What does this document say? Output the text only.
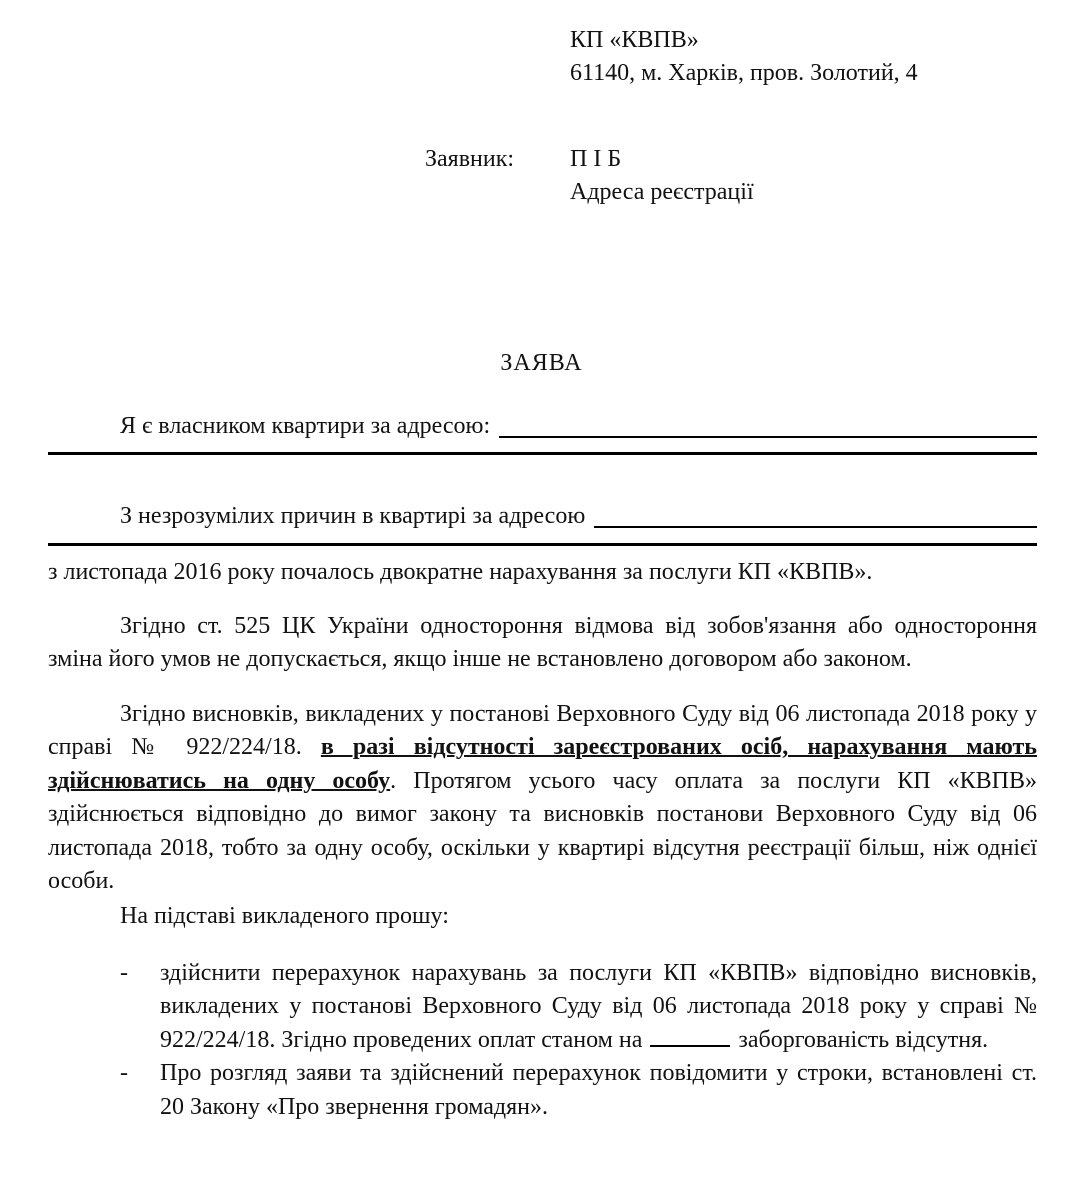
КП «КВПВ»
61140, м. Харків, пров. Золотий, 4
Заявник: П І Б
Адреса реєстрації
ЗАЯВА
Я є власником квартири за адресою:
З незрозумілих причин в квартирі за адресою
з листопада 2016 року почалось двократне нарахування за послуги КП «КВПВ».
Згідно ст. 525 ЦК України одностороння відмова від зобов'язання або одностороння зміна його умов не допускається, якщо інше не встановлено договором або законом.
Згідно висновків, викладених у постанові Верховного Суду від 06 листопада 2018 року у справі № 922/224/18. в разі відсутності зареєстрованих осіб, нарахування мають здійснюватись на одну особу. Протягом усього часу оплата за послуги КП «КВПВ» здійснюється відповідно до вимог закону та висновків постанови Верховного Суду від 06 листопада 2018, тобто за одну особу, оскільки у квартирі відсутня реєстрації більш, ніж однієї особи.
На підставі викладеного прошу:
-	здійснити перерахунок нарахувань за послуги КП «КВПВ» відповідно висновків, викладених у постанові Верховного Суду від 06 листопада 2018 року у справі № 922/224/18. Згідно проведених оплат станом на	заборгованість відсутня.
-	Про розгляд заяви та здійснений перерахунок повідомити у строки, встановлені ст. 20 Закону «Про звернення громадян».
